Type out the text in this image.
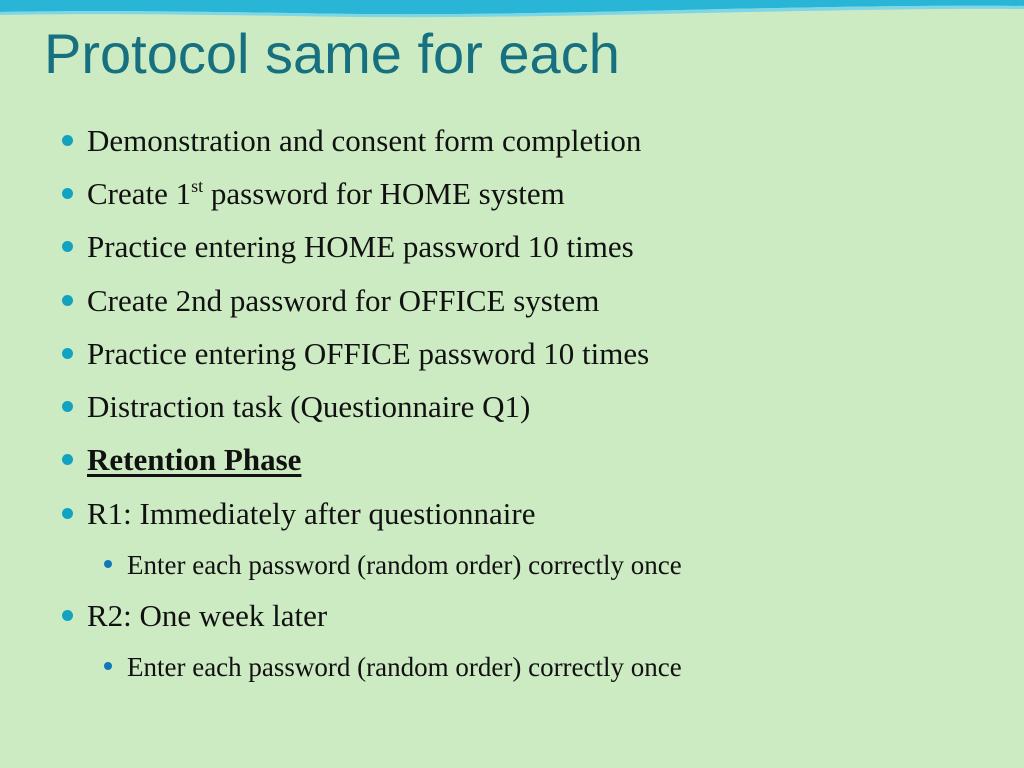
Protocol same for each
Demonstration and consent form completion
Create 1st password for HOME system
Practice entering HOME password 10 times
Create 2nd password for OFFICE system
Practice entering OFFICE password 10 times
Distraction task (Questionnaire Q1)
Retention Phase
R1: Immediately after questionnaire
Enter each password (random order) correctly once
R2: One week later
Enter each password (random order) correctly once
